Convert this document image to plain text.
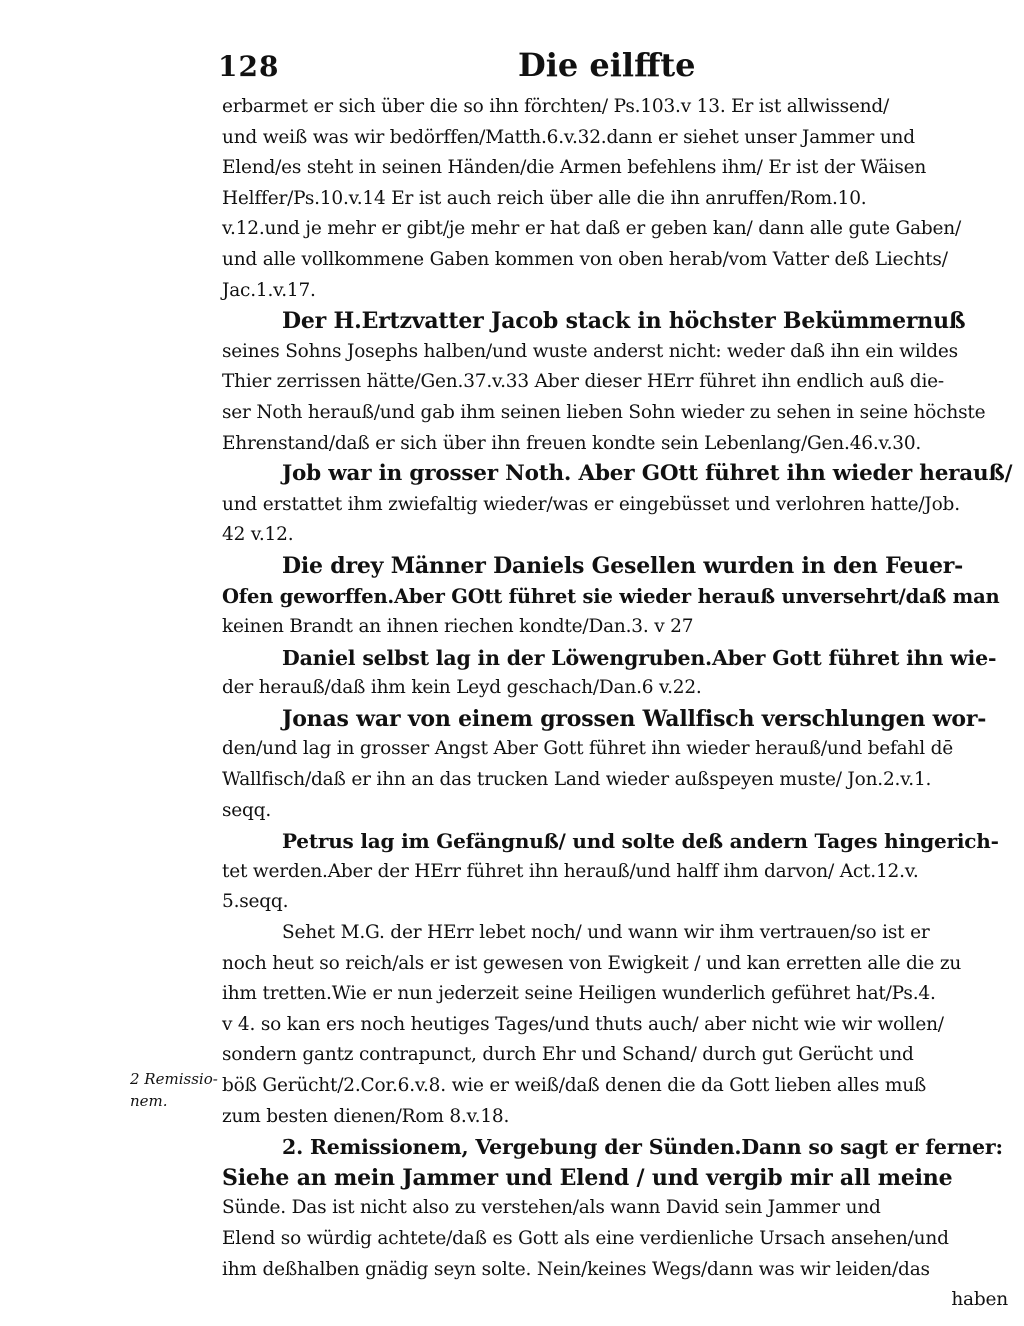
128	Die eilffte
2 Remissio-
nem.
erbarmet er sich über die so ihn förchten/ Ps.103.v 13. Er ist allwissend/
und weiß was wir bedörffen/Matth.6.v.32.dann er siehet unser Jammer und
Elend/es steht in seinen Händen/die Armen befehlens ihm/ Er ist der Wäisen
Helffer/Ps.10.v.14 Er ist auch reich über alle die ihn anruffen/Rom.10.
v.12.und je mehr er gibt/je mehr er hat daß er geben kan/ dann alle gute Gaben/
und alle vollkommene Gaben kommen von oben herab/vom Vatter deß Liechts/
Jac.1.v.17.
Der H.Ertzvatter Jacob stack in höchster Bekümmernuß
seines Sohns Josephs halben/und wuste anderst nicht: weder daß ihn ein wildes
Thier zerrissen hätte/Gen.37.v.33 Aber dieser HErr führet ihn endlich auß die-
ser Noth herauß/und gab ihm seinen lieben Sohn wieder zu sehen in seine höchste
Ehrenstand/daß er sich über ihn freuen kondte sein Lebenlang/Gen.46.v.30.
Job war in grosser Noth. Aber GOtt führet ihn wieder herauß/
und erstattet ihm zwiefaltig wieder/was er eingebüsset und verlohren hatte/Job.
42 v.12.
Die drey Männer Daniels Gesellen wurden in den Feuer-
Ofen geworffen.Aber GOtt führet sie wieder herauß unversehrt/daß man
keinen Brandt an ihnen riechen kondte/Dan.3. v 27
Daniel selbst lag in der Löwengruben.Aber Gott führet ihn wie-
der herauß/daß ihm kein Leyd geschach/Dan.6 v.22.
Jonas war von einem grossen Wallfisch verschlungen wor-
den/und lag in grosser Angst Aber Gott führet ihn wieder herauß/und befahl dē
Wallfisch/daß er ihn an das trucken Land wieder außspeyen muste/ Jon.2.v.1.
seqq.
Petrus lag im Gefängnuß/ und solte deß andern Tages hingerich-
tet werden.Aber der HErr führet ihn herauß/und halff ihm darvon/ Act.12.v.
5.seqq.
Sehet M.G. der HErr lebet noch/ und wann wir ihm vertrauen/so ist er
noch heut so reich/als er ist gewesen von Ewigkeit / und kan erretten alle die zu
ihm tretten.Wie er nun jederzeit seine Heiligen wunderlich geführet hat/Ps.4.
v 4. so kan ers noch heutiges Tages/und thuts auch/ aber nicht wie wir wollen/
sondern gantz contrapunct, durch Ehr und Schand/ durch gut Gerücht und
böß Gerücht/2.Cor.6.v.8. wie er weiß/daß denen die da Gott lieben alles muß
zum besten dienen/Rom 8.v.18.
2. Remissionem, Vergebung der Sünden.Dann so sagt er ferner:
Siehe an mein Jammer und Elend / und vergib mir all meine
Sünde. Das ist nicht also zu verstehen/als wann David sein Jammer und
Elend so würdig achtete/daß es Gott als eine verdienliche Ursach ansehen/und
ihm deßhalben gnädig seyn solte. Nein/keines Wegs/dann was wir leiden/das
haben
